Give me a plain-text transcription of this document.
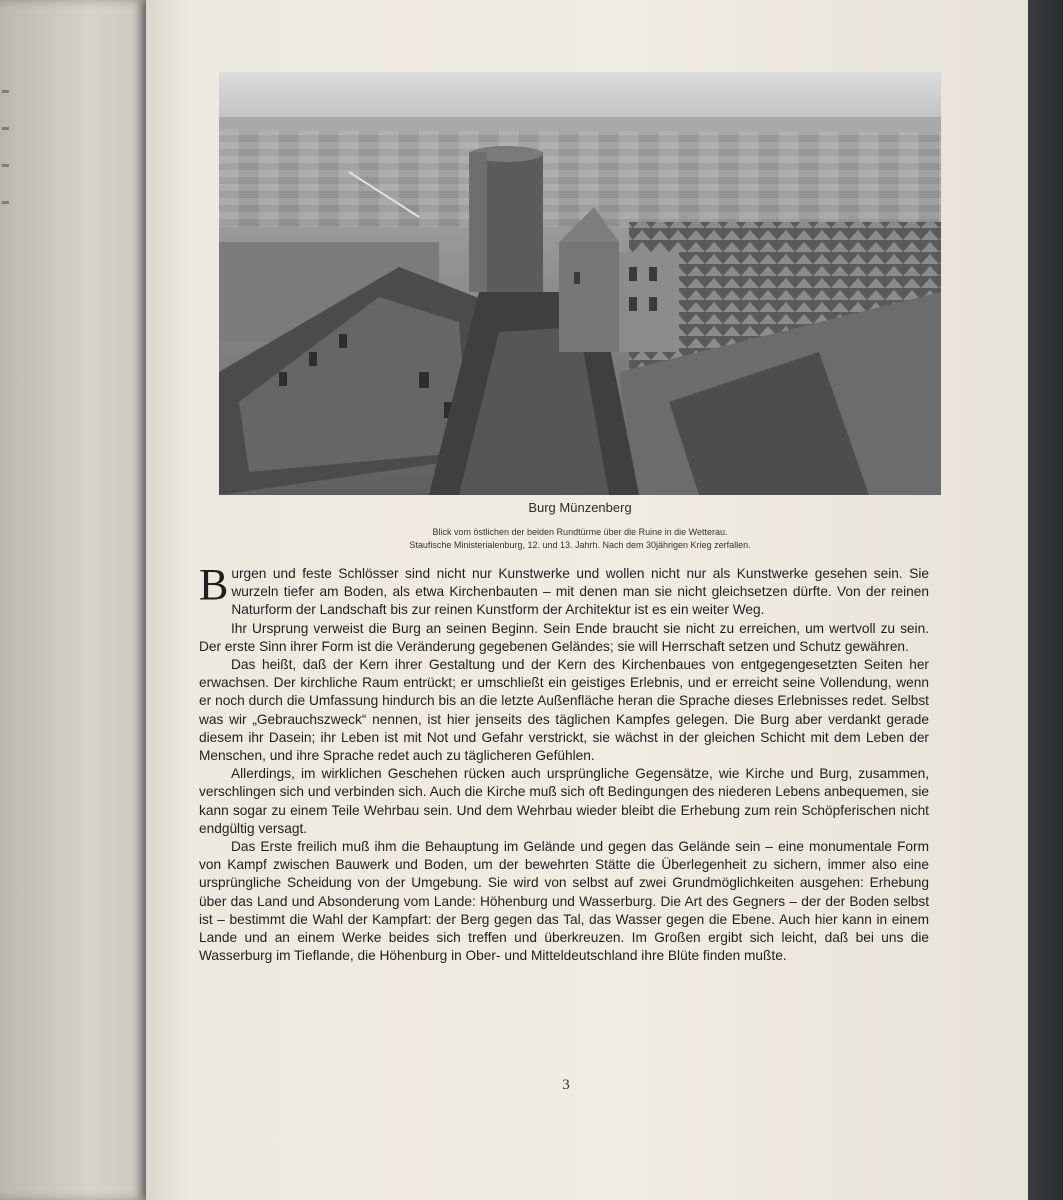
Burg Münzenberg
Blick vom östlichen der beiden Rundtürme über die Ruine in die Wetterau.
Staufische Ministerialenburg, 12. und 13. Jahrh. Nach dem 30jährigen Krieg zerfallen.

Burgen und feste Schlösser sind nicht nur Kunstwerke und wollen nicht nur als Kunstwerke gesehen sein. Sie wurzeln tiefer am Boden, als etwa Kirchenbauten – mit denen man sie nicht gleichsetzen dürfte. Von der reinen Naturform der Landschaft bis zur reinen Kunstform der Architektur ist es ein weiter Weg.

Ihr Ursprung verweist die Burg an seinen Beginn. Sein Ende braucht sie nicht zu erreichen, um wertvoll zu sein. Der erste Sinn ihrer Form ist die Veränderung gegebenen Geländes; sie will Herrschaft setzen und Schutz gewähren.

Das heißt, daß der Kern ihrer Gestaltung und der Kern des Kirchenbaues von entgegengesetzten Seiten her erwachsen. Der kirchliche Raum entrückt; er umschließt ein geistiges Erlebnis, und er erreicht seine Vollendung, wenn er noch durch die Umfassung hindurch bis an die letzte Außenfläche heran die Sprache dieses Erlebnisses redet. Selbst was wir „Gebrauchszweck“ nennen, ist hier jenseits des täglichen Kampfes gelegen. Die Burg aber verdankt gerade diesem ihr Dasein; ihr Leben ist mit Not und Gefahr verstrickt, sie wächst in der gleichen Schicht mit dem Leben der Menschen, und ihre Sprache redet auch zu täglicheren Gefühlen.

Allerdings, im wirklichen Geschehen rücken auch ursprüngliche Gegensätze, wie Kirche und Burg, zusammen, verschlingen sich und verbinden sich. Auch die Kirche muß sich oft Bedingungen des niederen Lebens anbequemen, sie kann sogar zu einem Teile Wehrbau sein. Und dem Wehrbau wieder bleibt die Erhebung zum rein Schöpferischen nicht endgültig versagt.

Das Erste freilich muß ihm die Behauptung im Gelände und gegen das Gelände sein – eine monumentale Form von Kampf zwischen Bauwerk und Boden, um der bewehrten Stätte die Überlegenheit zu sichern, immer also eine ursprüngliche Scheidung von der Umgebung. Sie wird von selbst auf zwei Grundmöglichkeiten ausgehen: Erhebung über das Land und Absonderung vom Lande: Höhenburg und Wasserburg. Die Art des Gegners – der der Boden selbst ist – bestimmt die Wahl der Kampfart: der Berg gegen das Tal, das Wasser gegen die Ebene. Auch hier kann in einem Lande und an einem Werke beides sich treffen und überkreuzen. Im Großen ergibt sich leicht, daß bei uns die Wasserburg im Tieflande, die Höhenburg in Ober- und Mitteldeutschland ihre Blüte finden mußte.

3
